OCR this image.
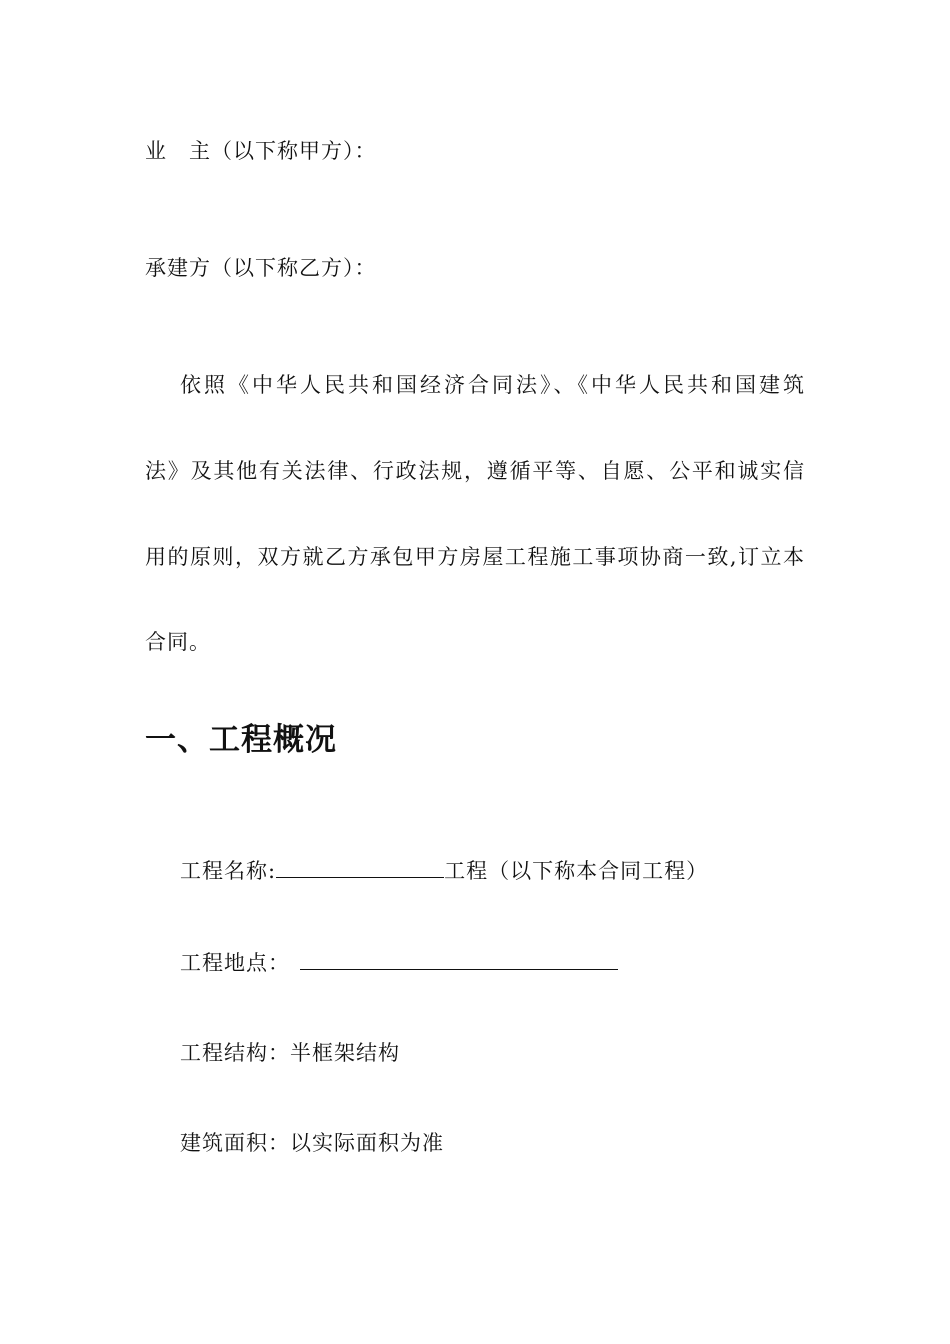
业　主（以下称甲方）：
承建方（以下称乙方）：
依照《中华人民共和国经济合同法》、《中华人民共和国建筑
法》及其他有关法律、行政法规，遵循平等、自愿、公平和诚实信
用的原则，双方就乙方承包甲方房屋工程施工事项协商一致,订立本
合同。
一、工程概况
工程名称:	工程（以下称本合同工程）
工程地点：
工程结构：半框架结构
建筑面积：以实际面积为准
